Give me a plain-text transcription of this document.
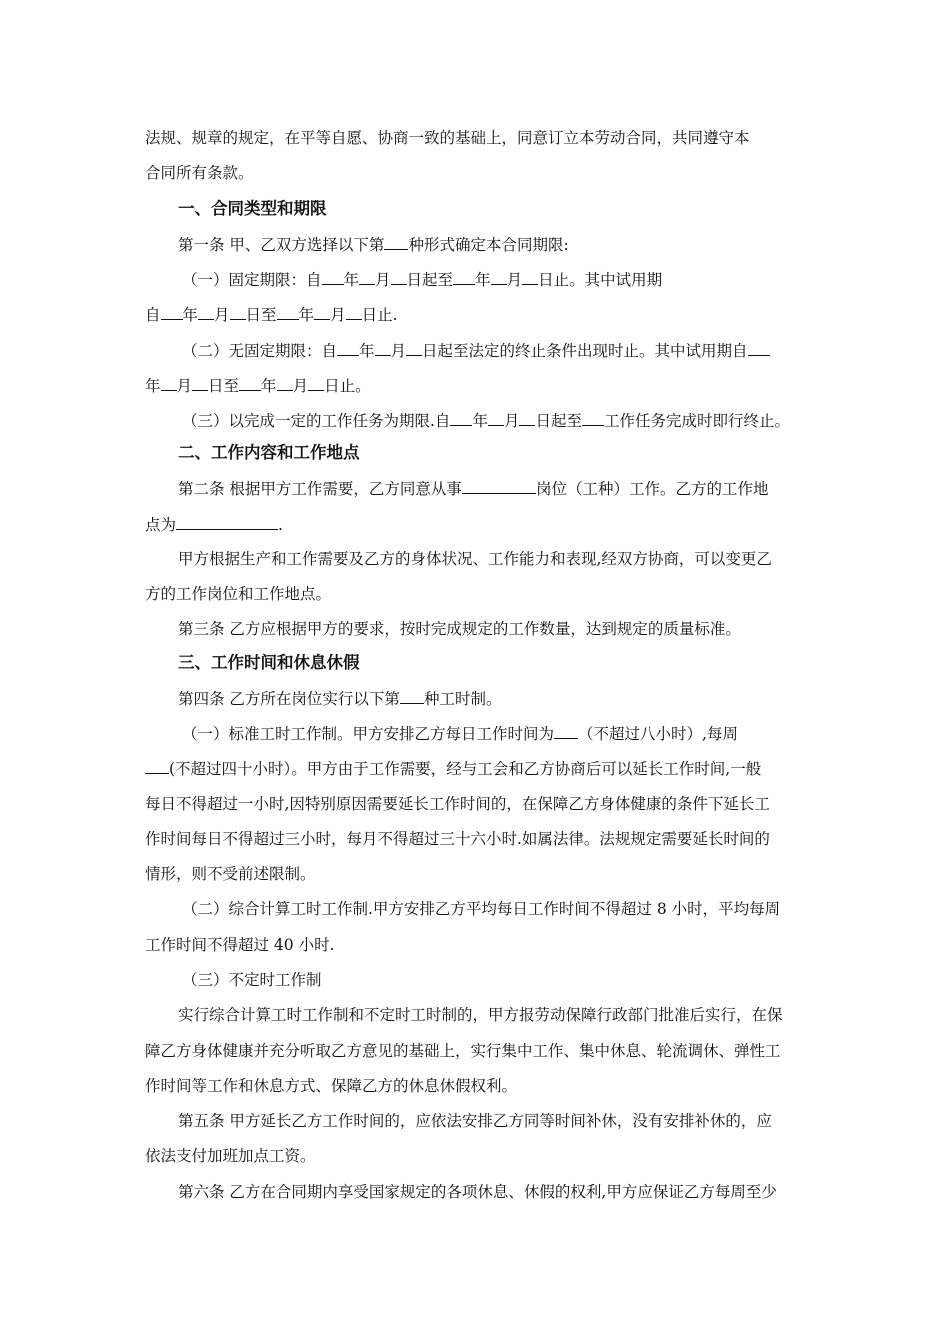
法规、规章的规定，在平等自愿、协商一致的基础上，同意订立本劳动合同，共同遵守本
合同所有条款。
一、合同类型和期限
第一条 甲、乙双方选择以下第 种形式确定本合同期限:
（一）固定期限：自 年 月 日起至 年 月 日止。其中试用期
自 年 月 日至 年 月 日止.
（二）无固定期限：自 年 月 日起至法定的终止条件出现时止。其中试用期自
年 月 日至 年 月 日止。
（三）以完成一定的工作任务为期限.自 年 月 日起至 工作任务完成时即行终止。
二、工作内容和工作地点
第二条 根据甲方工作需要，乙方同意从事	岗位（工种）工作。乙方的工作地
点为	.
甲方根据生产和工作需要及乙方的身体状况、工作能力和表现,经双方协商，可以变更乙
方的工作岗位和工作地点。
第三条 乙方应根据甲方的要求，按时完成规定的工作数量，达到规定的质量标准。
三、工作时间和休息休假
第四条 乙方所在岗位实行以下第 种工时制。
（一）标准工时工作制。甲方安排乙方每日工作时间为 （不超过八小时）,每周
(不超过四十小时）。甲方由于工作需要，经与工会和乙方协商后可以延长工作时间,一般
每日不得超过一小时,因特别原因需要延长工作时间的，在保障乙方身体健康的条件下延长工
作时间每日不得超过三小时，每月不得超过三十六小时.如属法律。法规规定需要延长时间的
情形，则不受前述限制。
（二）综合计算工时工作制.甲方安排乙方平均每日工作时间不得超过 8 小时，平均每周
工作时间不得超过 40 小时.
（三）不定时工作制
实行综合计算工时工作制和不定时工时制的，甲方报劳动保障行政部门批准后实行，在保
障乙方身体健康并充分听取乙方意见的基础上，实行集中工作、集中休息、轮流调休、弹性工
作时间等工作和休息方式、保障乙方的休息休假权利。
第五条 甲方延长乙方工作时间的，应依法安排乙方同等时间补休，没有安排补休的，应
依法支付加班加点工资。
第六条 乙方在合同期内享受国家规定的各项休息、休假的权利,甲方应保证乙方每周至少
